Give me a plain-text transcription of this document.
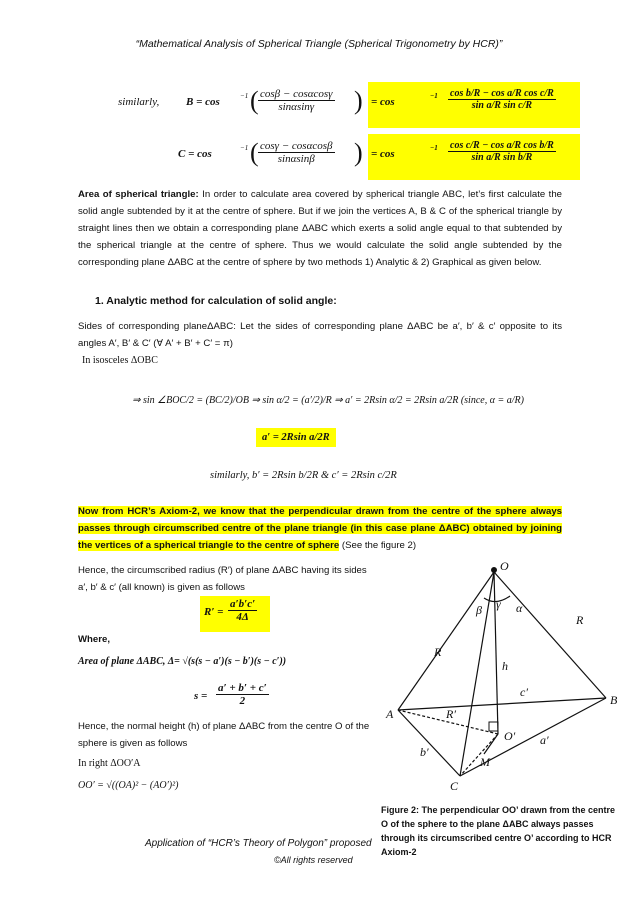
“Mathematical Analysis of Spherical Triangle (Spherical Trigonometry by HCR)”
similarly, B = cos	−1 ( $\frac{\cos\beta - \cos\alpha\cos\gamma}{\sin\alpha\sin\gamma}$ ) = cos	$-1 \frac{\text{cos b/R − cos a/R cos c/R}}{\text{sin a/R sin c/R}}$
C = cos	−1 ( $\frac{\cos\gamma - \cos\alpha\cos\beta}{\sin\alpha\sin\beta}$ ) = cos	$-1 \frac{\text{cos c/R − cos a/R cos b/R}}{\text{sin a/R sin b/R}}$
Area of spherical triangle: In order to calculate area covered by spherical triangle ABC, let’s first calculate the solid angle subtended by it at the centre of sphere. But if we join the vertices A, B & C of the spherical triangle by straight lines then we obtain a corresponding plane ΔABC which exerts a solid angle equal to that subtended by the spherical triangle at the centre of sphere. Thus we would calculate the solid angle subtended by the corresponding plane ΔABC at the centre of sphere by two methods 1) Analytic & 2) Graphical as given below.
1. Analytic method for calculation of solid angle:
Sides of corresponding planeΔABC: Let the sides of corresponding plane ΔABC be a′, b′ & c′ opposite to its angles A′, B′ & C′ (∀ A′ + B′ + C′ = π)
In isosceles ΔOBC
⇒ sin ∠BOC/2 = (BC/2)/OB ⇒ sin α/2 = (a′/2)/R ⇒ a′ = 2Rsin α/2 = 2Rsin a/2R (since, α = a/R)
a′ = 2Rsin a/2R
similarly, b′ = 2Rsin b/2R & c′ = 2Rsin c/2R
Now from HCR’s Axiom-2, we know that the perpendicular drawn from the centre of the sphere always passes through circumscribed centre of the plane triangle (in this case plane ΔABC) obtained by joining the vertices of a spherical triangle to the centre of sphere (See the figure 2)
Hence, the circumscribed radius (R′) of plane ΔABC having its sides a′, b′ & c′ (all known) is given as follows
$R' = \frac{a'b'c'}{4\Delta}$
Where,
Area of plane ΔABC, Δ= √(s(s − a′)(s − b′)(s − c′))
$s = \frac{a' + b' + c'}{2}$
Hence, the normal height (h) of plane ΔABC from the centre O of the sphere is given as follows
In right ΔOO′A
OO′ = √((OA)² − (AO′)²)
O
β γ α
R
R
h
A
B
C
c′
b′
a′
R′
O′
M
Figure 2: The perpendicular OO’ drawn from the centre O of the sphere to the plane ΔABC always passes through its circumscribed centre O’ according to HCR Axiom-2
Application of “HCR’s Theory of Polygon” proposed
©All rights reserved
